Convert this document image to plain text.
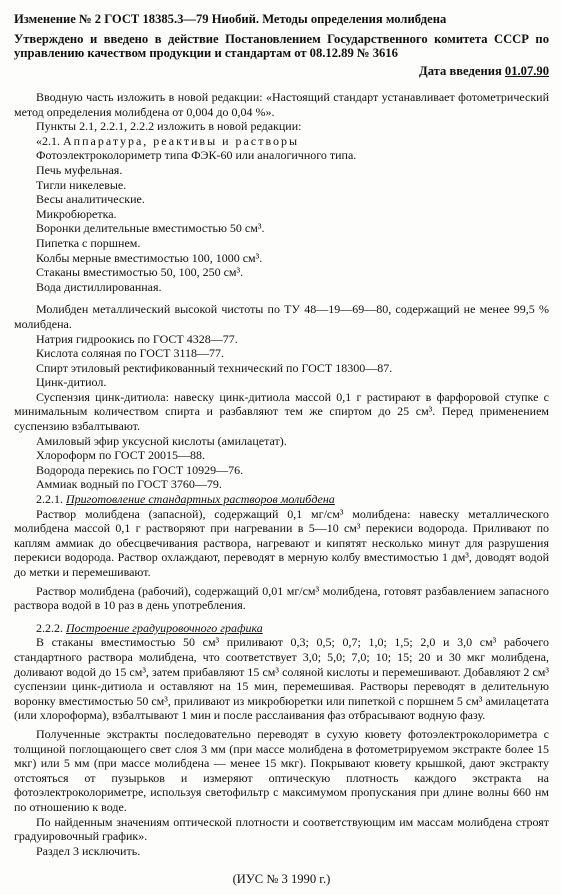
Изменение № 2 ГОСТ 18385.3—79 Ниобий. Методы определения молибдена

Утверждено и введено в действие Постановлением Государственного комитета СССР по управлению качеством продукции и стандартам от 08.12.89 № 3616

Дата введения 01.07.90

Вводную часть изложить в новой редакции: «Настоящий стандарт устанавливает фотометрический метод определения молибдена от 0,004 до 0,04 %».

Пункты 2.1, 2.2.1, 2.2.2 изложить в новой редакции:

«2.1. Аппаратура, реактивы и растворы

Фотоэлектроколориметр типа ФЭК-60 или аналогичного типа.

Печь муфельная.

Тигли никелевые.

Весы аналитические.

Микробюретка.

Воронки делительные вместимостью 50 см³.

Пипетка с поршнем.

Колбы мерные вместимостью 100, 1000 см³.

Стаканы вместимостью 50, 100, 250 см³.

Вода дистиллированная.

Молибден металлический высокой чистоты по ТУ 48—19—69—80, содержащий не менее 99,5 % молибдена.

Натрия гидроокись по ГОСТ 4328—77.

Кислота соляная по ГОСТ 3118—77.

Спирт этиловый ректификованный технический по ГОСТ 18300—87.

Цинк-дитиол.

Суспензия цинк-дитиола: навеску цинк-дитиола массой 0,1 г растирают в фарфоровой ступке с минимальным количеством спирта и разбавляют тем же спиртом до 25 см³. Перед применением суспензию взбалтывают.

Амиловый эфир уксусной кислоты (амилацетат).

Хлороформ по ГОСТ 20015—88.

Водорода перекись по ГОСТ 10929—76.

Аммиак водный по ГОСТ 3760—79.

2.2.1. Приготовление стандартных растворов молибдена

Раствор молибдена (запасной), содержащий 0,1 мг/см³ молибдена: навеску металлического молибдена массой 0,1 г растворяют при нагревании в 5—10 см³ перекиси водорода. Приливают по каплям аммиак до обесцвечивания раствора, нагревают и кипятят несколько минут для разрушения перекиси водорода. Раствор охлаждают, переводят в мерную колбу вместимостью 1 дм³, доводят водой до метки и перемешивают.

Раствор молибдена (рабочий), содержащий 0,01 мг/см³ молибдена, готовят разбавлением запасного раствора водой в 10 раз в день употребления.

2.2.2. Построение градуировочного графика

В стаканы вместимостью 50 см³ приливают 0,3; 0,5; 0,7; 1,0; 1,5; 2,0 и 3,0 см³ рабочего стандартного раствора молибдена, что соответствует 3,0; 5,0; 7,0; 10; 15; 20 и 30 мкг молибдена, доливают водой до 15 см³, затем прибавляют 15 см³ соляной кислоты и перемешивают. Добавляют 2 см³ суспензии цинк-дитиола и оставляют на 15 мин, перемешивая. Растворы переводят в делительную воронку вместимостью 50 см³, приливают из микробюретки или пипеткой с поршнем 5 см³ амилацетата (или хлороформа), взбалтывают 1 мин и после расслаивания фаз отбрасывают водную фазу.

Полученные экстракты последовательно переводят в сухую кювету фотоэлектроколориметра с толщиной поглощающего свет слоя 3 мм (при массе молибдена в фотометрируемом экстракте более 15 мкг) или 5 мм (при массе молибдена — менее 15 мкг). Покрывают кювету крышкой, дают экстракту отстояться от пузырьков и измеряют оптическую плотность каждого экстракта на фотоэлектроколориметре, используя светофильтр с максимумом пропускания при длине волны 660 нм по отношению к воде.

По найденным значениям оптической плотности и соответствующим им массам молибдена строят градуировочный график».

Раздел 3 исключить.

(ИУС № 3 1990 г.)
